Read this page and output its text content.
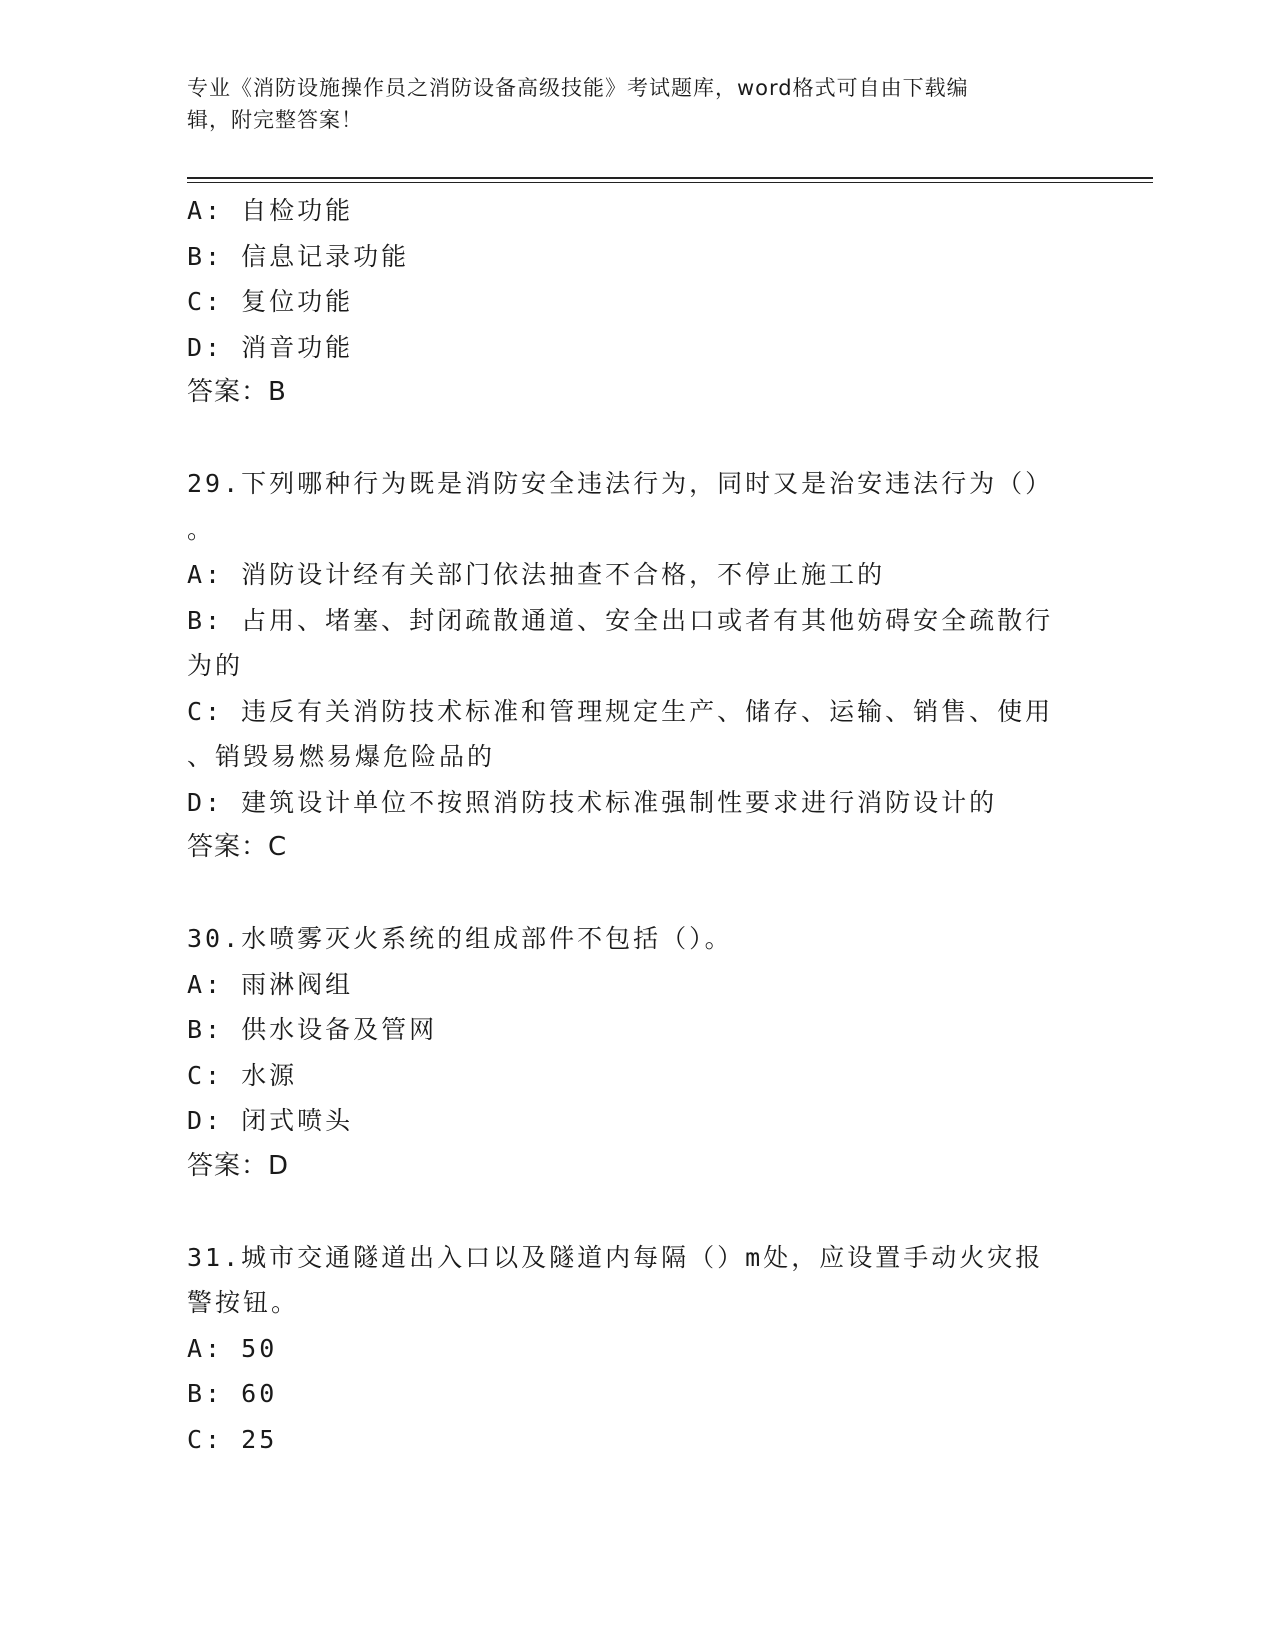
专业《消防设施操作员之消防设备高级技能》考试题库，word格式可自由下载编
辑，附完整答案！
A: 自检功能
B: 信息记录功能
C: 复位功能
D: 消音功能
答案：B
29.下列哪种行为既是消防安全违法行为，同时又是治安违法行为（）
。
A: 消防设计经有关部门依法抽查不合格，不停止施工的
B: 占用、堵塞、封闭疏散通道、安全出口或者有其他妨碍安全疏散行
为的
C: 违反有关消防技术标准和管理规定生产、储存、运输、销售、使用
、销毁易燃易爆危险品的
D: 建筑设计单位不按照消防技术标准强制性要求进行消防设计的
答案：C
30.水喷雾灭火系统的组成部件不包括（）。
A: 雨淋阀组
B: 供水设备及管网
C: 水源
D: 闭式喷头
答案：D
31.城市交通隧道出入口以及隧道内每隔（）m处，应设置手动火灾报
警按钮。
A: 50
B: 60
C: 25
